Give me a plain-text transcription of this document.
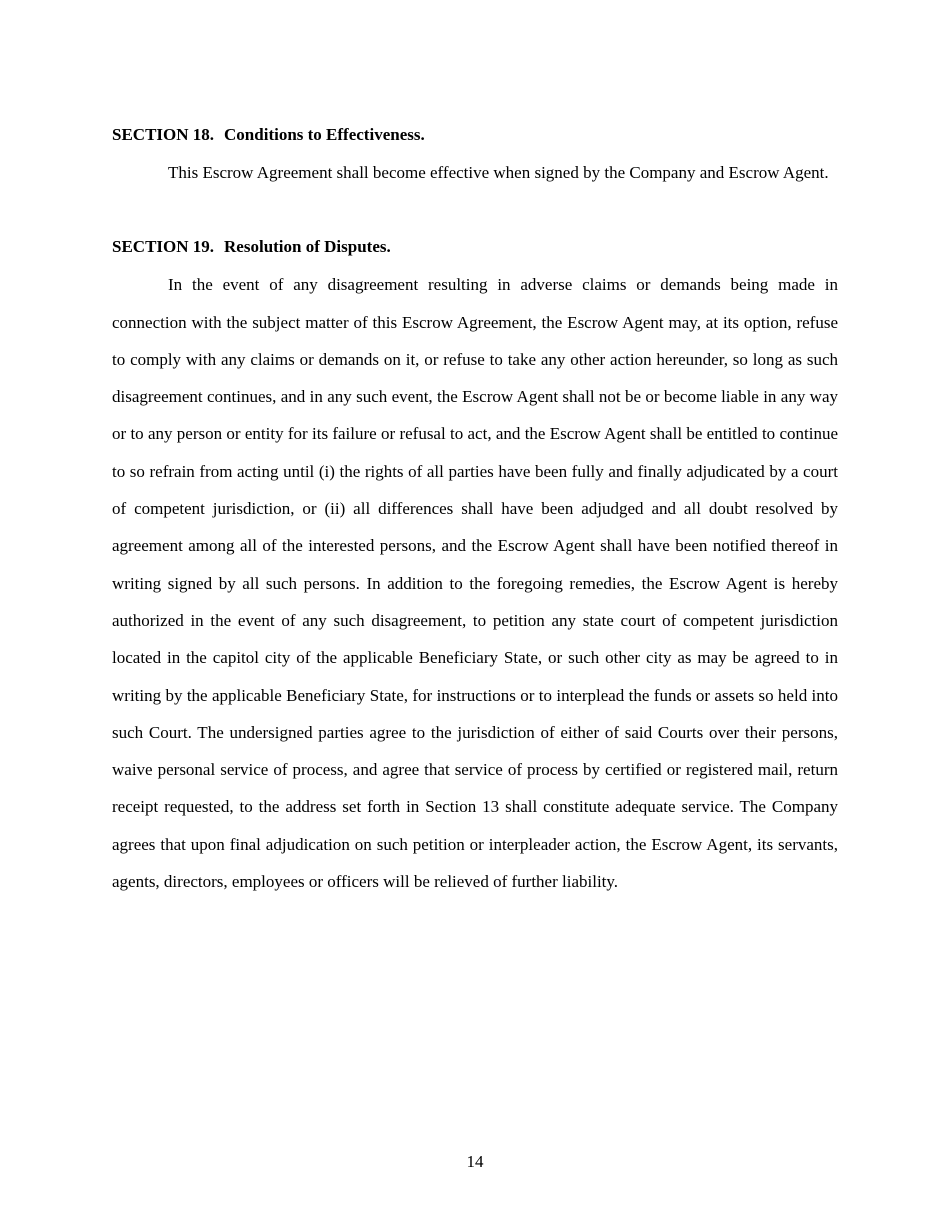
SECTION 18. Conditions to Effectiveness.

This Escrow Agreement shall become effective when signed by the Company and Escrow Agent.

SECTION 19. Resolution of Disputes.

In the event of any disagreement resulting in adverse claims or demands being made in connection with the subject matter of this Escrow Agreement, the Escrow Agent may, at its option, refuse to comply with any claims or demands on it, or refuse to take any other action hereunder, so long as such disagreement continues, and in any such event, the Escrow Agent shall not be or become liable in any way or to any person or entity for its failure or refusal to act, and the Escrow Agent shall be entitled to continue to so refrain from acting until (i) the rights of all parties have been fully and finally adjudicated by a court of competent jurisdiction, or (ii) all differences shall have been adjudged and all doubt resolved by agreement among all of the interested persons, and the Escrow Agent shall have been notified thereof in writing signed by all such persons. In addition to the foregoing remedies, the Escrow Agent is hereby authorized in the event of any such disagreement, to petition any state court of competent jurisdiction located in the capitol city of the applicable Beneficiary State, or such other city as may be agreed to in writing by the applicable Beneficiary State, for instructions or to interplead the funds or assets so held into such Court. The undersigned parties agree to the jurisdiction of either of said Courts over their persons, waive personal service of process, and agree that service of process by certified or registered mail, return receipt requested, to the address set forth in Section 13 shall constitute adequate service. The Company agrees that upon final adjudication on such petition or interpleader action, the Escrow Agent, its servants, agents, directors, employees or officers will be relieved of further liability.

14
